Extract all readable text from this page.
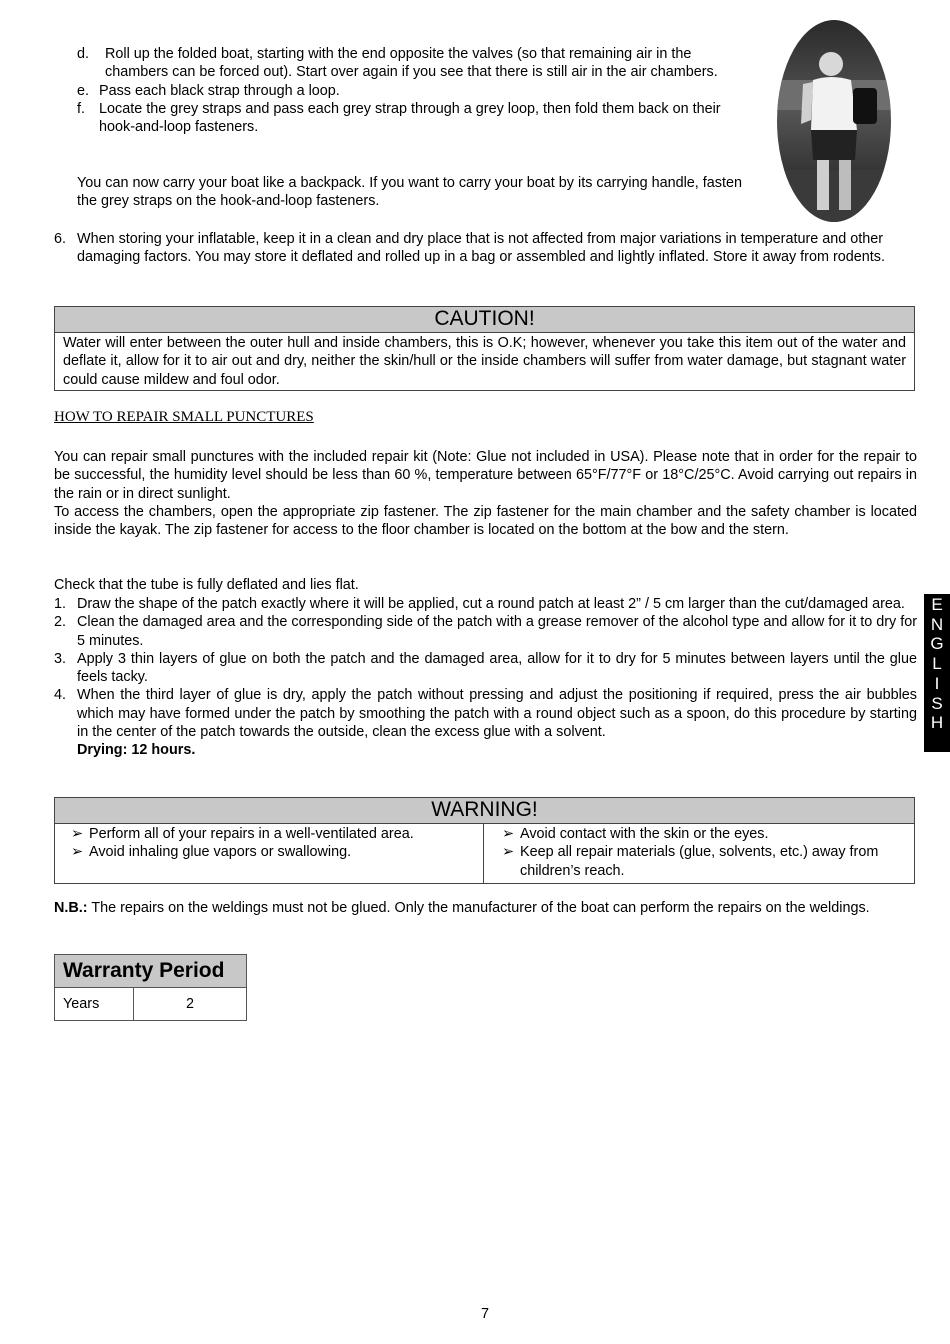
d. Roll up the folded boat, starting with the end opposite the valves (so that remaining air in the chambers can be forced out). Start over again if you see that there is still air in the air chambers.
e. Pass each black strap through a loop.
f. Locate the grey straps and pass each grey strap through a grey loop, then fold them back on their hook-and-loop fasteners.

You can now carry your boat like a backpack. If you want to carry your boat by its carrying handle, fasten the grey straps on the hook-and-loop fasteners.

6. When storing your inflatable, keep it in a clean and dry place that is not affected from major variations in temperature and other damaging factors. You may store it deflated and rolled up in a bag or assembled and lightly inflated. Store it away from rodents.
CAUTION!
Water will enter between the outer hull and inside chambers, this is O.K; however, whenever you take this item out of the water and deflate it, allow for it to air out and dry, neither the skin/hull or the inside chambers will suffer from water damage, but stagnant water could cause mildew and foul odor.

HOW TO REPAIR SMALL PUNCTURES

You can repair small punctures with the included repair kit (Note: Glue not included in USA). Please note that in order for the repair to be successful, the humidity level should be less than 60 %, temperature between 65°F/77°F or 18°C/25°C. Avoid carrying out repairs in the rain or in direct sunlight.

To access the chambers, open the appropriate zip fastener. The zip fastener for the main chamber and the safety chamber is located inside the kayak. The zip fastener for access to the floor chamber is located on the bottom at the bow and the stern.

Check that the tube is fully deflated and lies flat.

1. Draw the shape of the patch exactly where it will be applied, cut a round patch at least 2” / 5 cm larger than the cut/damaged area.
2. Clean the damaged area and the corresponding side of the patch with a grease remover of the alcohol type and allow for it to dry for 5 minutes.
3. Apply 3 thin layers of glue on both the patch and the damaged area, allow for it to dry for 5 minutes between layers until the glue feels tacky.
4. When the third layer of glue is dry, apply the patch without pressing and adjust the positioning if required, press the air bubbles which may have formed under the patch by smoothing the patch with a round object such as a spoon, do this procedure by starting in the center of the patch towards the outside, clean the excess glue with a solvent.
Drying: 12 hours.
WARNING!
➢ Perform all of your repairs in a well-ventilated area.
➢ Avoid inhaling glue vapors or swallowing.
➢ Avoid contact with the skin or the eyes.
➢ Keep all repair materials (glue, solvents, etc.) away from children’s reach.

N.B.: The repairs on the weldings must not be glued. Only the manufacturer of the boat can perform the repairs on the weldings.

Warranty Period
Years	2
E
N
G
L
I
S
H
7
